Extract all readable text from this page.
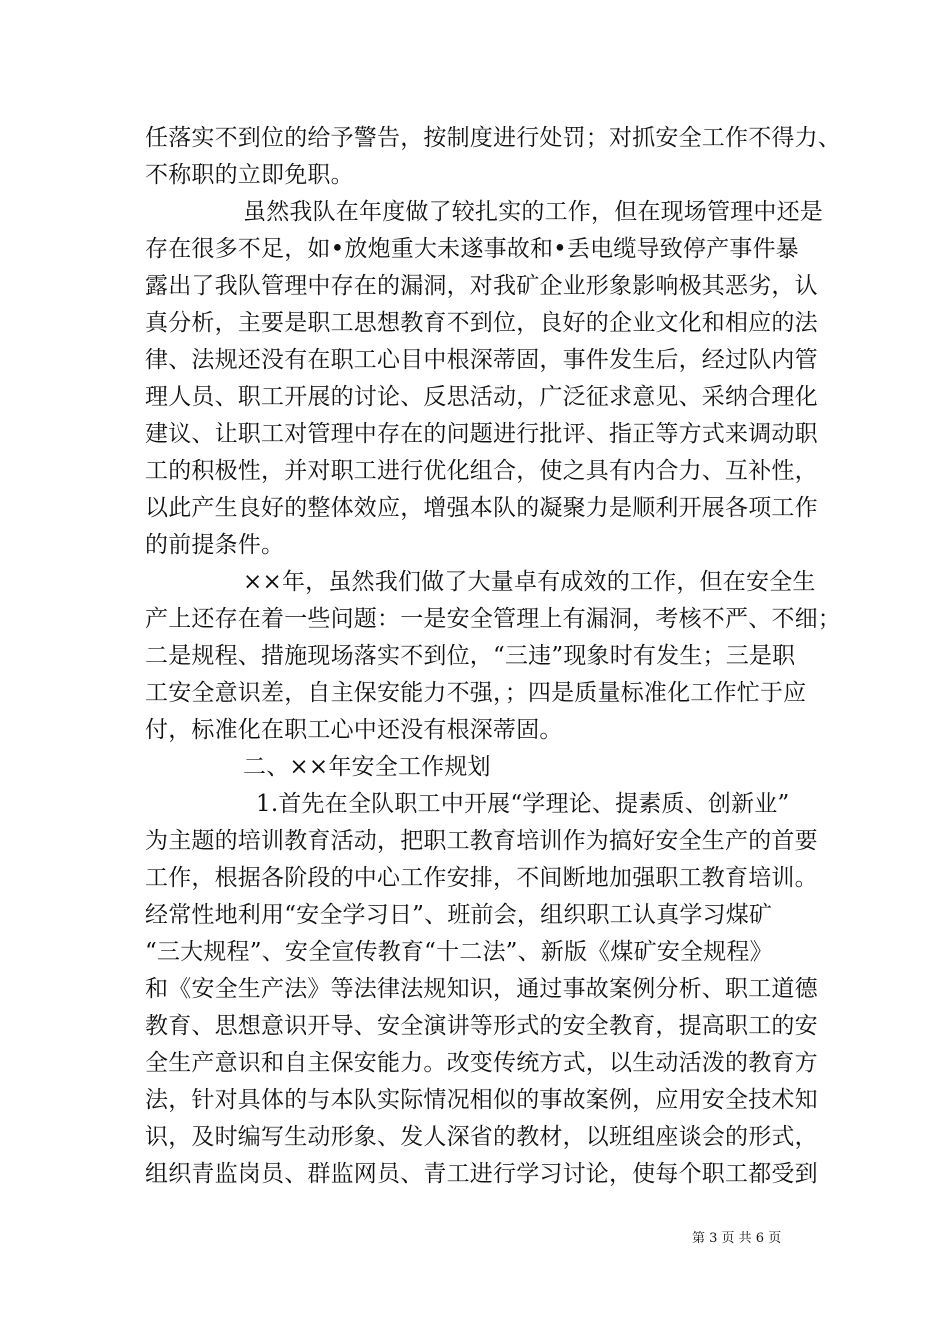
任落实不到位的给予警告，按制度进行处罚；对抓安全工作不得力、
不称职的立即免职。
虽然我队在年度做了较扎实的工作，但在现场管理中还是
存在很多不足，如•放炮重大未遂事故和•丢电缆导致停产事件暴
露出了我队管理中存在的漏洞，对我矿企业形象影响极其恶劣，认
真分析，主要是职工思想教育不到位，良好的企业文化和相应的法
律、法规还没有在职工心目中根深蒂固，事件发生后，经过队内管
理人员、职工开展的讨论、反思活动，广泛征求意见、采纳合理化
建议、让职工对管理中存在的问题进行批评、指正等方式来调动职
工的积极性，并对职工进行优化组合，使之具有内合力、互补性，
以此产生良好的整体效应，增强本队的凝聚力是顺利开展各项工作
的前提条件。
××年，虽然我们做了大量卓有成效的工作，但在安全生
产上还存在着一些问题：一是安全管理上有漏洞，考核不严、不细；
二是规程、措施现场落实不到位，“三违”现象时有发生；三是职
工安全意识差，自主保安能力不强，；四是质量标准化工作忙于应
付，标准化在职工心中还没有根深蒂固。
二、××年安全工作规划
1.首先在全队职工中开展“学理论、提素质、创新业”
为主题的培训教育活动，把职工教育培训作为搞好安全生产的首要
工作，根据各阶段的中心工作安排，不间断地加强职工教育培训。
经常性地利用“安全学习日”、班前会，组织职工认真学习煤矿
“三大规程”、安全宣传教育“十二法”、新版《煤矿安全规程》
和《安全生产法》等法律法规知识，通过事故案例分析、职工道德
教育、思想意识开导、安全演讲等形式的安全教育，提高职工的安
全生产意识和自主保安能力。改变传统方式，以生动活泼的教育方
法，针对具体的与本队实际情况相似的事故案例，应用安全技术知
识，及时编写生动形象、发人深省的教材，以班组座谈会的形式，
组织青监岗员、群监网员、青工进行学习讨论，使每个职工都受到
第 3 页 共 6 页
